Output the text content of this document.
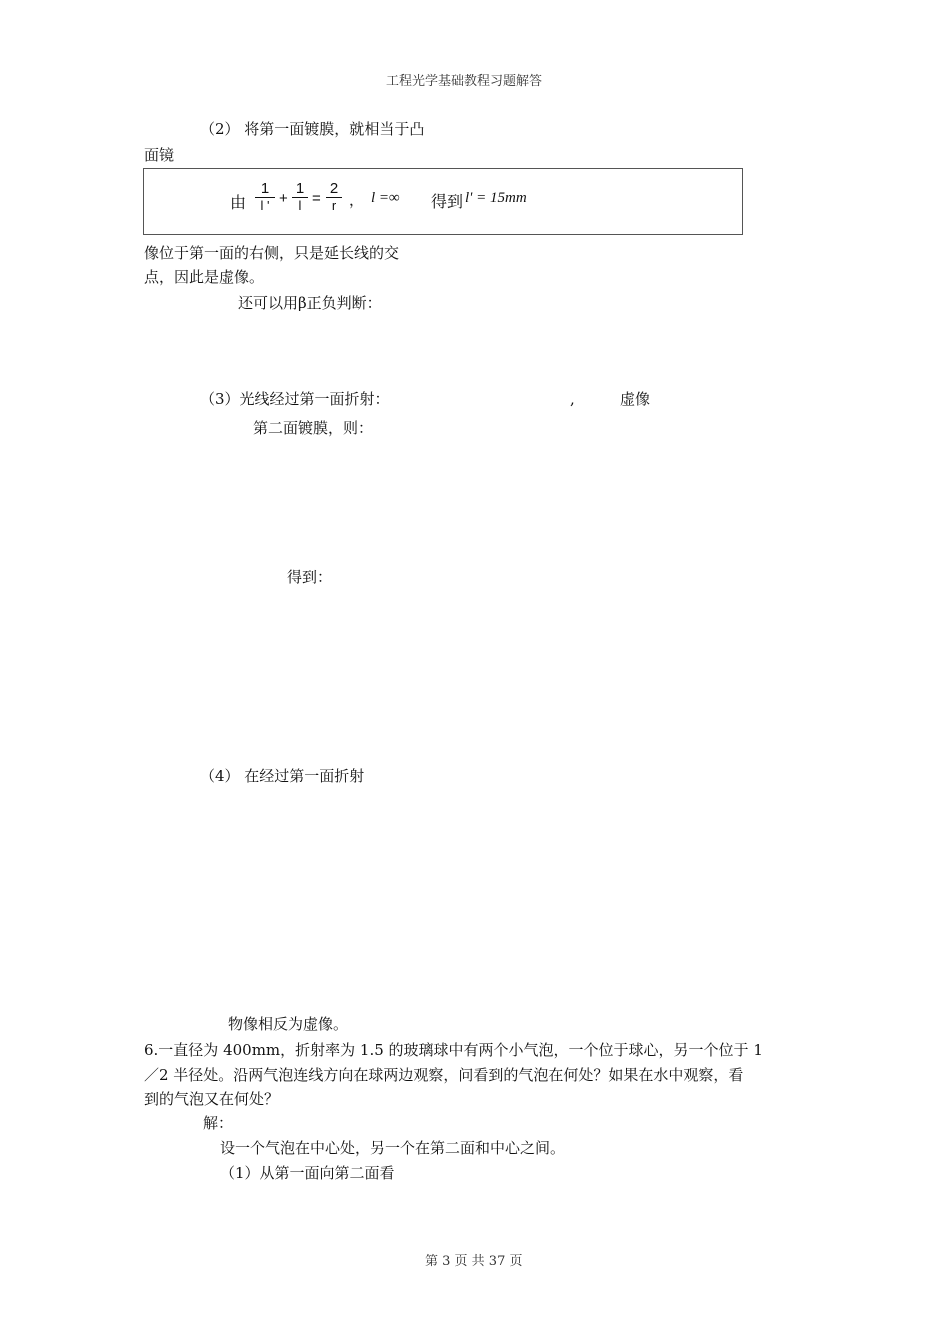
工程光学基础教程习题解答
（2） 将第一面镀膜，就相当于凸
面镜
由 $\frac{1}{l '} + \frac{1}{l} = \frac{2}{r}$ ， l =∞ 得到 l' = 15mm
像位于第一面的右侧，只是延长线的交
点，因此是虚像。
还可以用β正负判断：
（3）光线经过第一面折射：	,	虚像
第二面镀膜，则：
得到：
（4） 在经过第一面折射
物像相反为虚像。
6.一直径为 400mm，折射率为 1.5 的玻璃球中有两个小气泡，一个位于球心，另一个位于 1
／2 半径处。沿两气泡连线方向在球两边观察，问看到的气泡在何处？如果在水中观察，看
到的气泡又在何处？
解：
设一个气泡在中心处，另一个在第二面和中心之间。
（1）从第一面向第二面看
第 3 页 共 37 页
